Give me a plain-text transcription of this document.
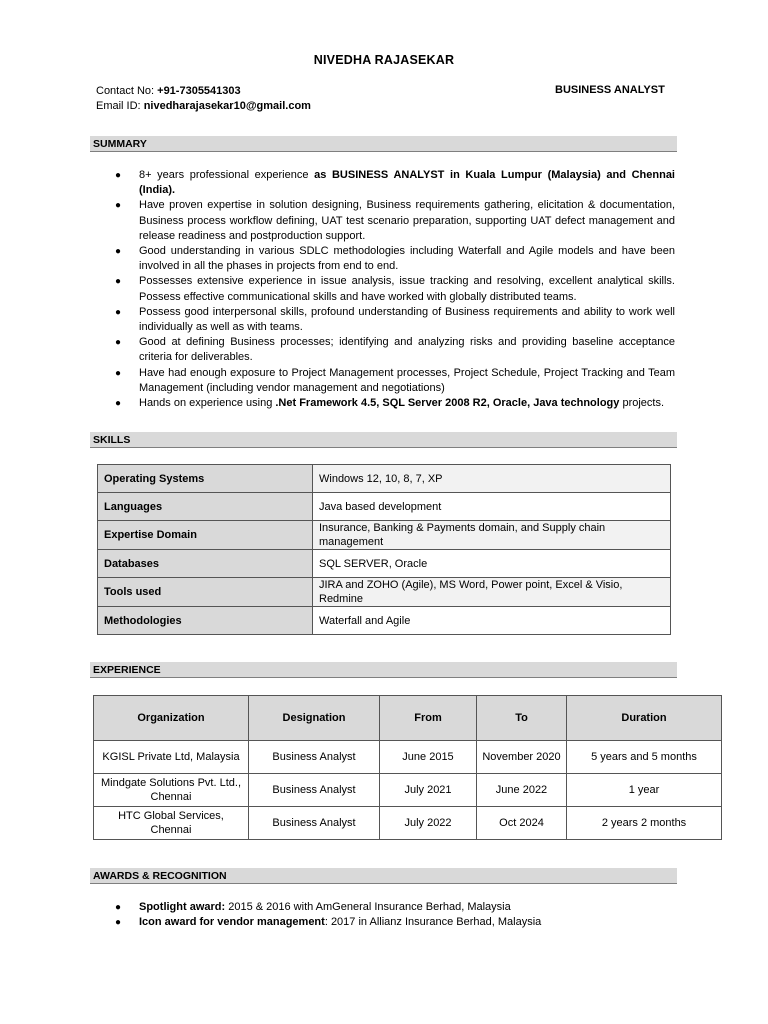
NIVEDHA RAJASEKAR
Contact No: +91-7305541303
Email ID: nivedharajasekar10@gmail.com
BUSINESS ANALYST
SUMMARY
● 8+ years professional experience as BUSINESS ANALYST in Kuala Lumpur (Malaysia) and Chennai (India).
● Have proven expertise in solution designing, Business requirements gathering, elicitation & documentation, Business process workflow defining, UAT test scenario preparation, supporting UAT defect management and release readiness and postproduction support.
● Good understanding in various SDLC methodologies including Waterfall and Agile models and have been involved in all the phases in projects from end to end.
● Possesses extensive experience in issue analysis, issue tracking and resolving, excellent analytical skills. Possess effective communicational skills and have worked with globally distributed teams.
● Possess good interpersonal skills, profound understanding of Business requirements and ability to work well individually as well as with teams.
● Good at defining Business processes; identifying and analyzing risks and providing baseline acceptance criteria for deliverables.
● Have had enough exposure to Project Management processes, Project Schedule, Project Tracking and Team Management (including vendor management and negotiations)
● Hands on experience using .Net Framework 4.5, SQL Server 2008 R2, Oracle, Java technology projects.
SKILLS
Operating Systems	Windows 12, 10, 8, 7, XP
Languages	Java based development
Expertise Domain	Insurance, Banking & Payments domain, and Supply chain management
Databases	SQL SERVER, Oracle
Tools used	JIRA and ZOHO (Agile), MS Word, Power point, Excel & Visio, Redmine
Methodologies	Waterfall and Agile
EXPERIENCE
Organization	Designation	From	To	Duration
KGISL Private Ltd, Malaysia	Business Analyst	June 2015	November 2020	5 years and 5 months
Mindgate Solutions Pvt. Ltd., Chennai	Business Analyst	July 2021	June 2022	1 year
HTC Global Services, Chennai	Business Analyst	July 2022	Oct 2024	2 years 2 months
AWARDS & RECOGNITION
● Spotlight award: 2015 & 2016 with AmGeneral Insurance Berhad, Malaysia
● Icon award for vendor management: 2017 in Allianz Insurance Berhad, Malaysia
